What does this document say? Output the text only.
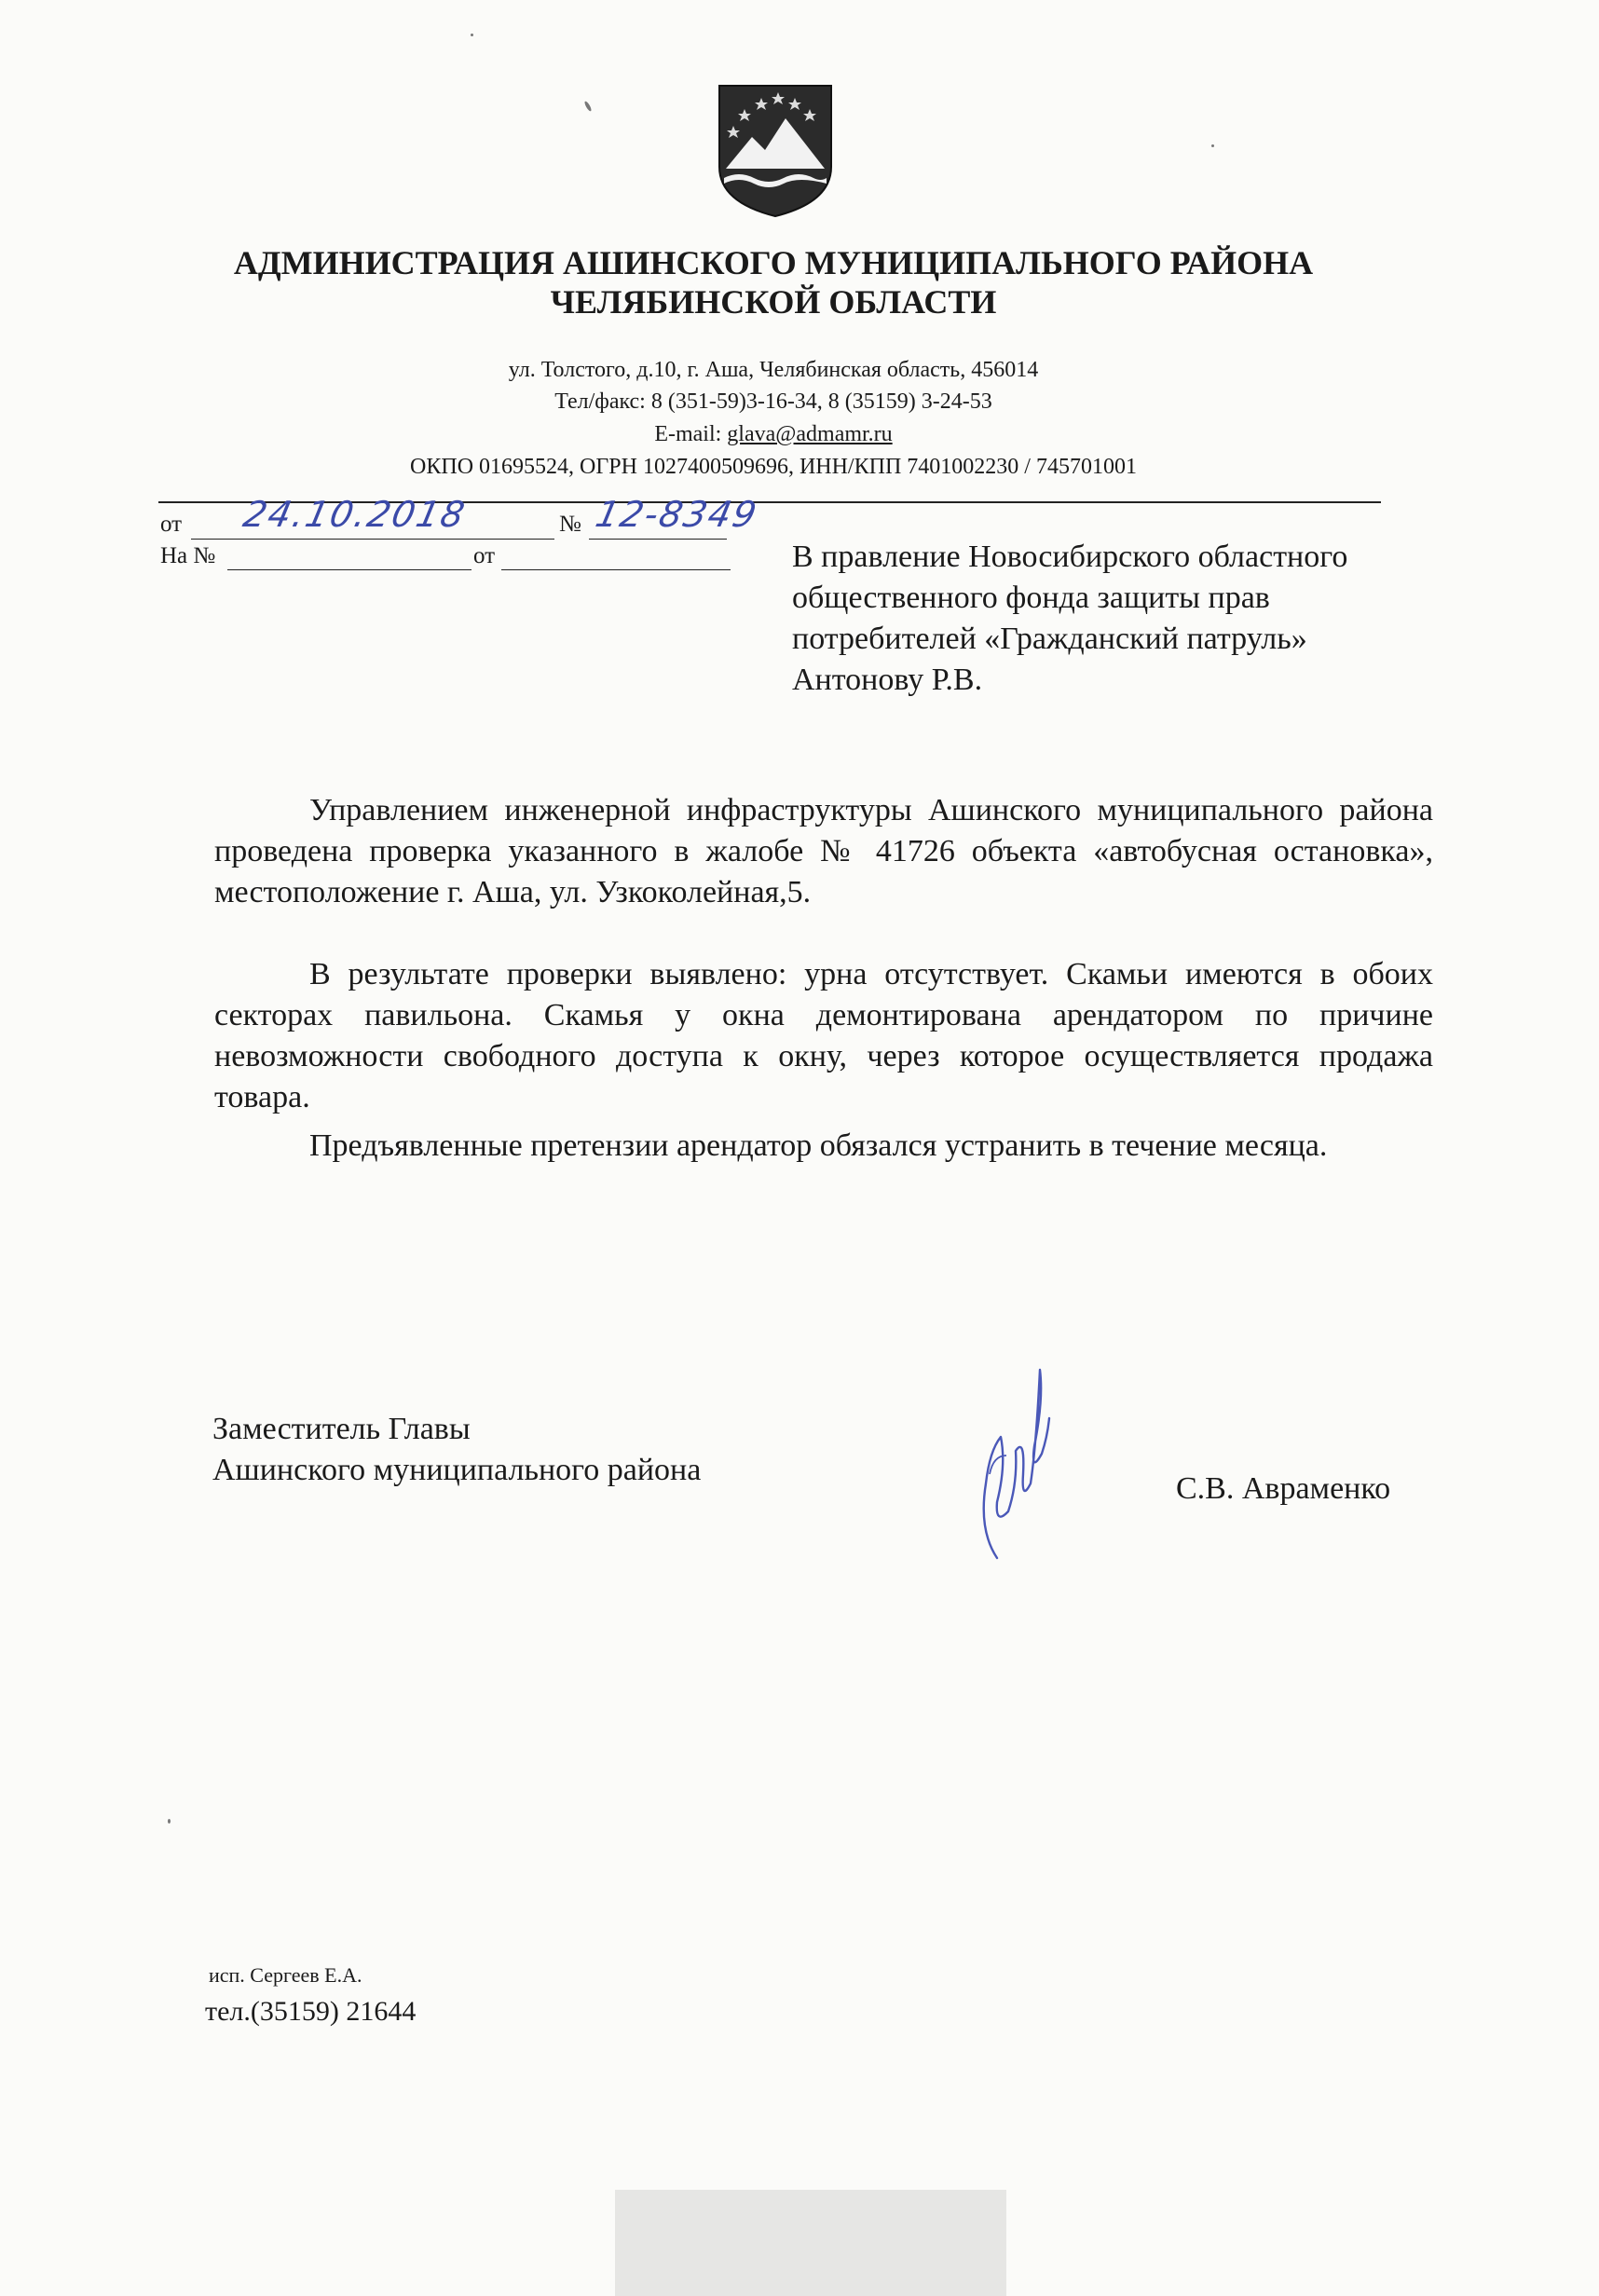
АДМИНИСТРАЦИЯ АШИНСКОГО МУНИЦИПАЛЬНОГО РАЙОНА
ЧЕЛЯБИНСКОЙ ОБЛАСТИ
ул. Толстого, д.10, г. Аша, Челябинская область, 456014
Тел/факс: 8 (351-59)3-16-34, 8 (35159) 3-24-53
E-mail: glava@admamr.ru
ОКПО 01695524, ОГРН 1027400509696, ИНН/КПП 7401002230 / 745701001
от 24.10.2018	№ 12-8349
На №	от	В правление Новосибирского областного
общественного фонда защиты прав
потребителей «Гражданский патруль»
Антонову Р.В.

Управлением инженерной инфраструктуры Ашинского муниципального района проведена проверка указанного в жалобе № 41726 объекта «автобусная остановка», местоположение г. Аша, ул. Узкоколейная,5.

В результате проверки выявлено: урна отсутствует. Скамьи имеются в обоих секторах павильона. Скамья у окна демонтирована арендатором по причине невозможности свободного доступа к окну, через которое осуществляется продажа товара.

Предъявленные претензии арендатор обязался устранить в течение месяца.

Заместитель Главы
Ашинского муниципального района
С.В. Авраменко
исп. Сергеев Е.А.
тел.(35159) 21644
